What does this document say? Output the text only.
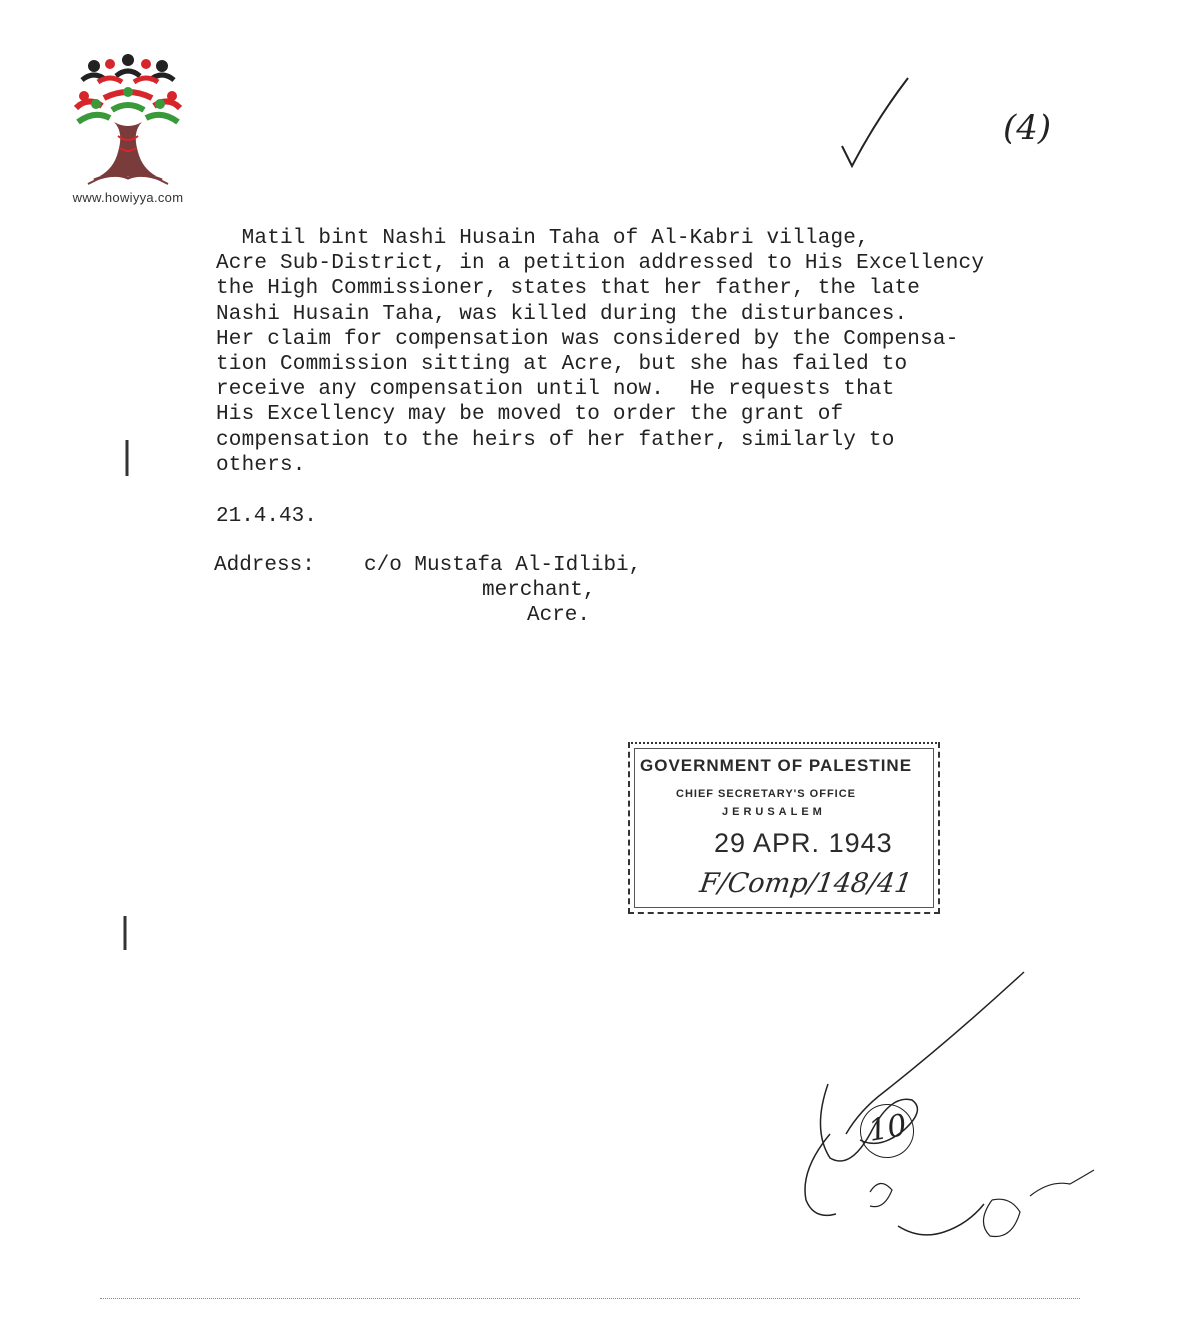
www.howiyya.com
(4)
Matil bint Nashi Husain Taha of Al-Kabri village,
Acre Sub-District, in a petition addressed to His Excellency
the High Commissioner, states that her father, the late
Nashi Husain Taha, was killed during the disturbances.
Her claim for compensation was considered by the Compensa-
tion Commission sitting at Acre, but she has failed to
receive any compensation until now.  He requests that
His Excellency may be moved to order the grant of
compensation to the heirs of her father, similarly to
others.
21.4.43.
Address: c/o Mustafa Al-Idlibi,
merchant,
Acre.
GOVERNMENT OF PALESTINE
CHIEF SECRETARY'S OFFICE
JERUSALEM
29 APR. 1943
F/Comp/148/41
10
